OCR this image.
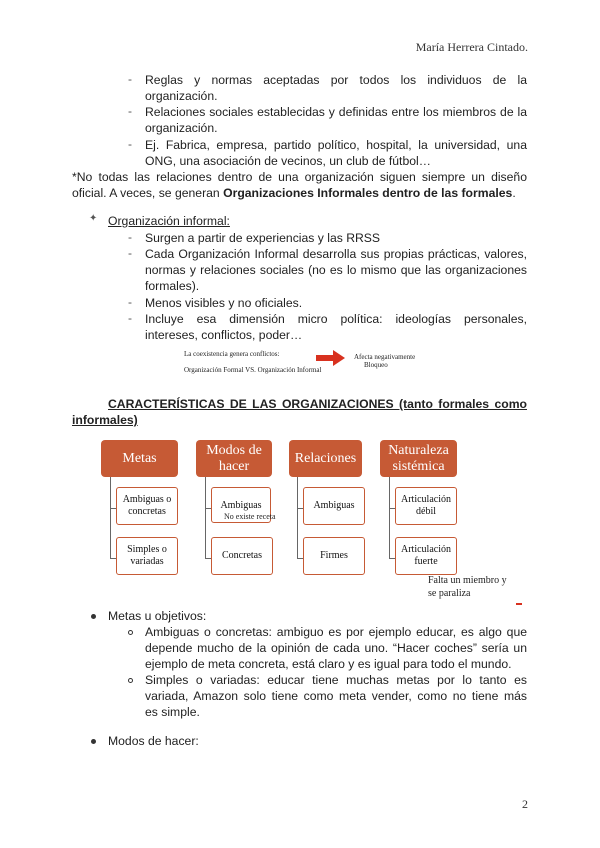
María Herrera Cintado.
- Reglas y normas aceptadas por todos los individuos de la
organización.
- Relaciones sociales establecidas y definidas entre los miembros de la
organización.
- Ej. Fabrica, empresa, partido político, hospital, la universidad, una
ONG, una asociación de vecinos, un club de fútbol…
*No todas las relaciones dentro de una organización siguen siempre un diseño
oficial. A veces, se generan Organizaciones Informales dentro de las formales.
✦ Organización informal:
- Surgen a partir de experiencias y las RRSS
- Cada Organización Informal desarrolla sus propias prácticas, valores,
normas y relaciones sociales (no es lo mismo que las organizaciones
formales).
- Menos visibles y no oficiales.
- Incluye esa dimensión micro política: ideologías personales,
intereses, conflictos, poder…
La coexistencia genera conflictos:
Organización Formal VS. Organización Informal
Afecta negativamente
Bloqueo
CARACTERÍSTICAS DE LAS ORGANIZACIONES (tanto formales como
informales)
Metas
Ambiguas o concretas
Simples o variadas
Modos de hacer
Ambiguas
No existe receta
Concretas
Relaciones
Ambiguas
Firmes
Naturaleza sistémica
Articulación débil
Articulación fuerte
Falta un miembro y
se paraliza
Metas u objetivos:
Ambiguas o concretas: ambiguo es por ejemplo educar, es algo que
depende mucho de la opinión de cada uno. “Hacer coches” sería un
ejemplo de meta concreta, está claro y es igual para todo el mundo.
Simples o variadas: educar tiene muchas metas por lo tanto es
variada, Amazon solo tiene como meta vender, como no tiene más
es simple.
Modos de hacer:
2
